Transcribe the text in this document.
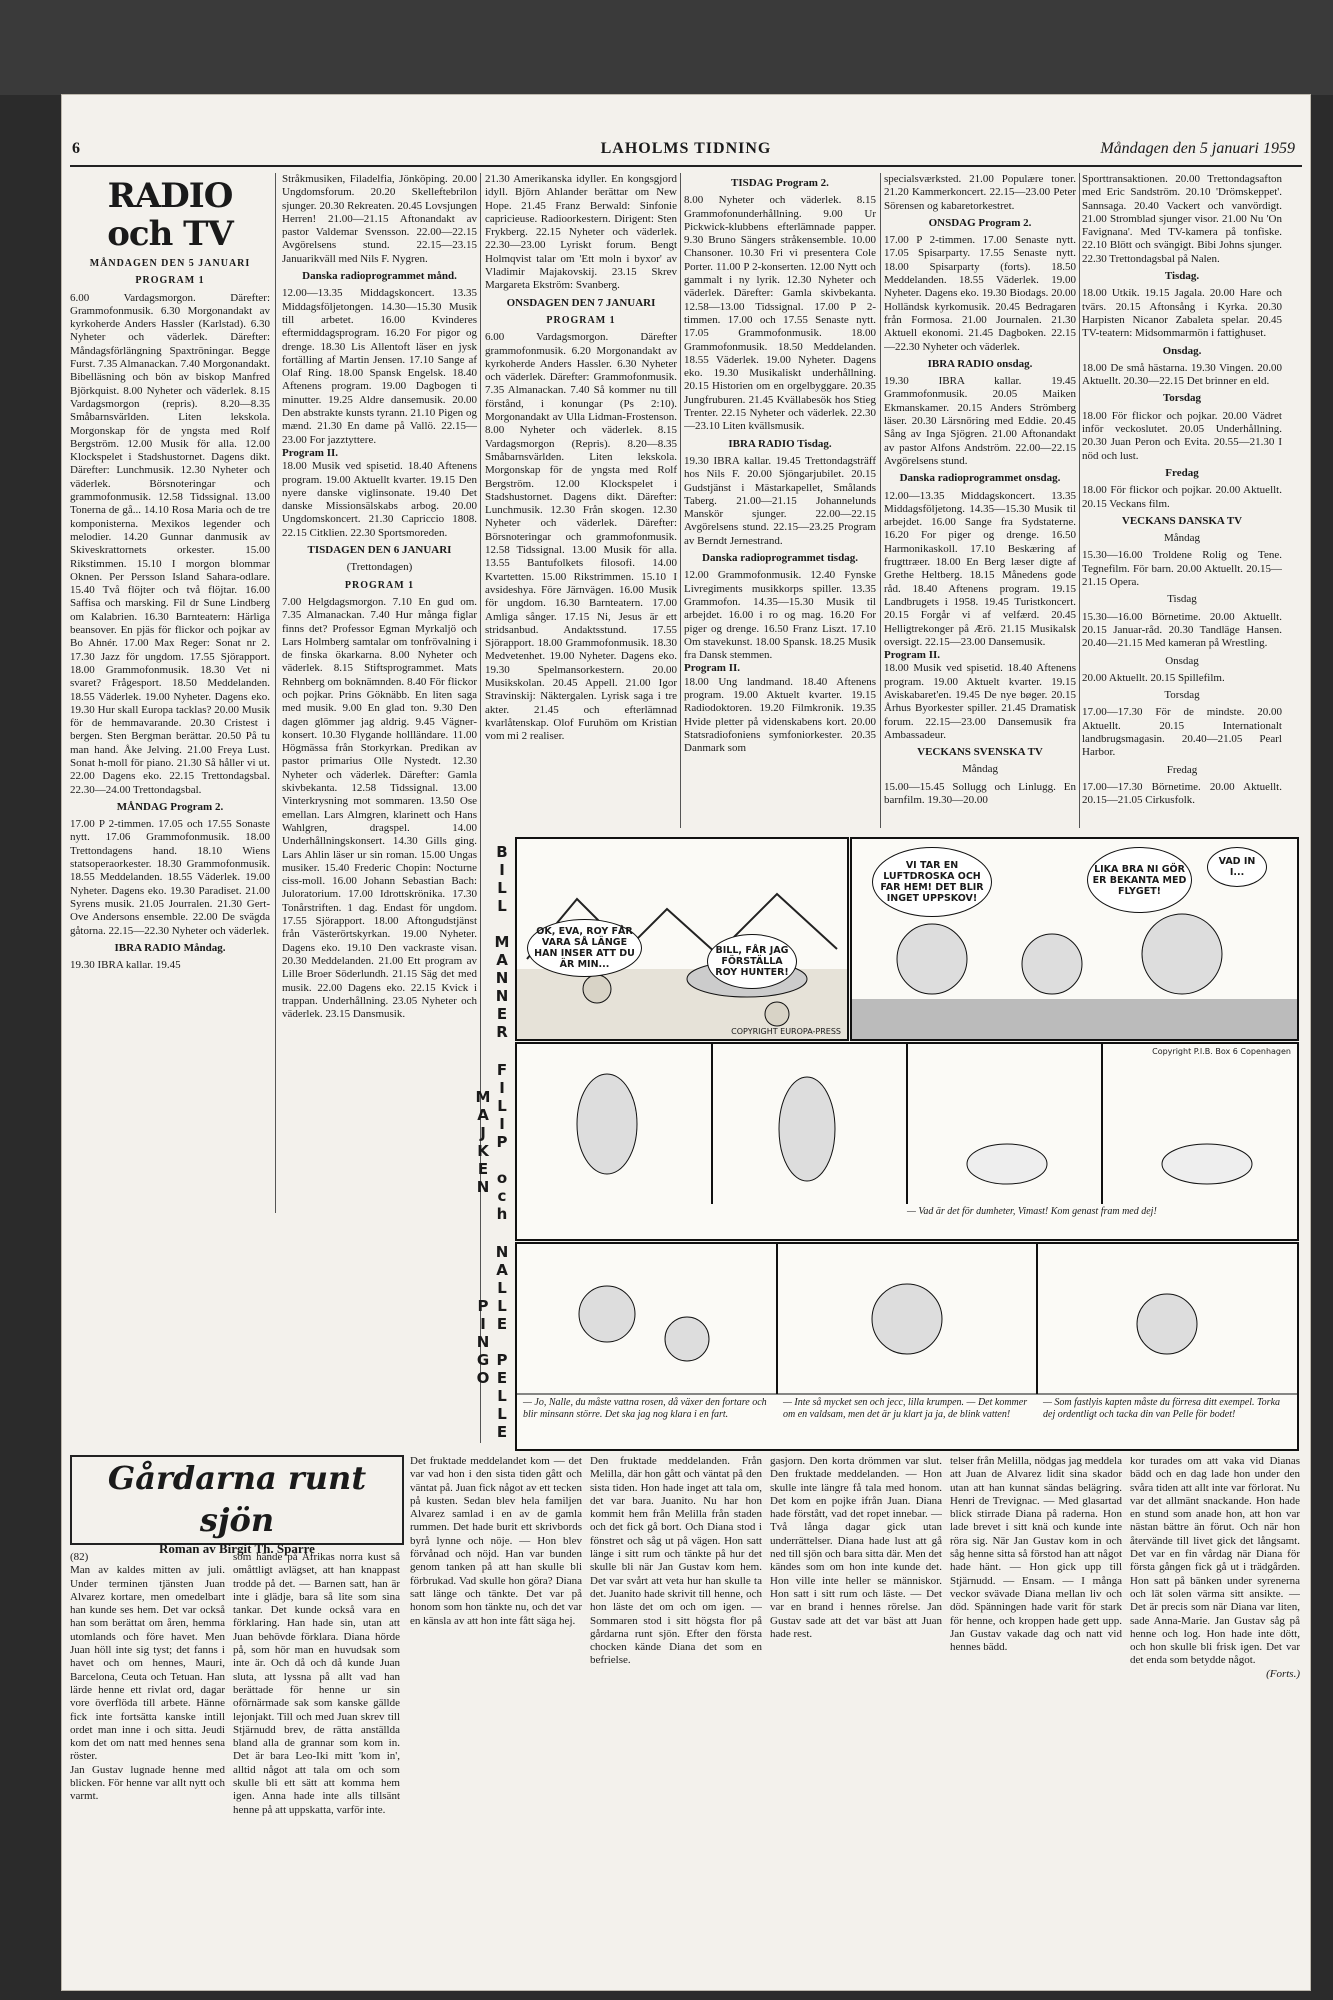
6	LAHOLMS TIDNING	Måndagen den 5 januari 1959
RADIO och TV
MÅNDAGEN DEN 5 JANUARI
PROGRAM 1

6.00 Vardagsmorgon. Därefter: Grammofonmusik. 6.30 Morgonandakt av kyrkoherde Anders Hassler (Karlstad). 6.30 Nyheter och väderlek. Därefter: Måndagsförlängning Spaxtröningar. Begge Furst. 7.35 Almanackan. 7.40 Morgonandakt. Bibelläsning och bön av biskop Manfred Björkquist. 8.00 Nyheter och väderlek. 8.15 Vardagsmorgon (repris). 8.20—8.35 Småbarnsvärlden. Liten lekskola. Morgonskap för de yngsta med Rolf Bergström. 12.00 Musik för alla. 12.00 Klockspelet i Stadshustornet. Dagens dikt. Därefter: Lunchmusik. 12.30 Nyheter och väderlek. Börsnoteringar och grammofonmusik. 12.58 Tidssignal. 13.00 Tonerna de gå... 14.10 Rosa Maria och de tre komponisterna. Mexikos legender och melodier. 14.20 Gunnar danmusik av Skiveskrattornets orkester. 15.00 Rikstimmen. 15.10 I morgon blommar Oknen. Per Persson Island Sahara-odlare. 15.40 Två flöjter och två flöjtar. 16.00 Saffisa och marsking. Fil dr Sune Lindberg om Kalabrien. 16.30 Barnteatern: Härliga beansover. En pjäs för flickor och pojkar av Bo Ahnér. 17.00 Max Reger: Sonat nr 2. 17.30 Jazz för ungdom. 17.55 Sjörapport. 18.00 Grammofonmusik. 18.30 Vet ni svaret? Frågesport. 18.50 Meddelanden. 18.55 Väderlek. 19.00 Nyheter. Dagens eko. 19.30 Hur skall Europa tacklas? 20.00 Musik för de hemmavarande. 20.30 Cristest i bergen. Sten Bergman berättar. 20.50 På tu man hand. Åke Jelving. 21.00 Freya Lust. Sonat h-moll för piano. 21.30 Så håller vi ut. 22.00 Dagens eko. 22.15 Trettondagsbal. 22.30—24.00 Trettondagsbal.

MÅNDAG Program 2.

17.00 P 2-timmen. 17.05 och 17.55 Sonaste nytt. 17.06 Grammofonmusik. 18.00 Trettondagens hand. 18.10 Wiens statsoperaorkester. 18.30 Grammofonmusik. 18.55 Meddelanden. 18.55 Väderlek. 19.00 Nyheter. Dagens eko. 19.30 Paradiset. 21.00 Syrens musik. 21.05 Jourralen. 21.30 Gert-Ove Andersons ensemble. 22.00 De svägda gåtorna. 22.15—22.30 Nyheter och väderlek.

IBRA RADIO Måndag.

19.30 IBRA kallar. 19.45

Stråkmusiken, Filadelfia, Jönköping. 20.00 Ungdomsforum. 20.20 Skelleftebrilon sjunger. 20.30 Rekreaten. 20.45 Lovsjungen Herren! 21.00—21.15 Aftonandakt av pastor Valdemar Svensson. 22.00—22.15 Avgörelsens stund. 22.15—23.15 Januarikväll med Nils F. Nygren.

Danska radioprogrammet månd.

12.00—13.35 Middagskoncert. 13.35 Middagsföljetongen. 14.30—15.30 Musik till arbetet. 16.00 Kvinderes eftermiddagsprogram. 16.20 For pigor og drenge. 18.30 Lis Allentoft läser en jysk fortälling af Martin Jensen. 17.10 Sange af Olaf Ring. 18.00 Spansk Engelsk. 18.40 Aftenens program. 19.00 Dagbogen ti minutter. 19.25 Aldre dansemusik. 20.00 Den abstrakte kunsts tyrann. 21.10 Pigen og mænd. 21.30 En dame på Vallö. 22.15—23.00 For jazztyttere.

Program II.

18.00 Musik ved spisetid. 18.40 Aftenens program. 19.00 Aktuellt kvarter. 19.15 Den nyere danske viglinsonate. 19.40 Det danske Missionsälskabs arbog. 20.00 Ungdomskoncert. 21.30 Capriccio 1808. 22.15 Citklien. 22.30 Sportsmoreden.

TISDAGEN DEN 6 JANUARI
(Trettondagen)
PROGRAM 1

7.00 Helgdagsmorgon. 7.10 En gud om. 7.35 Almanackan. 7.40 Hur många figlar finns det? Professor Egman Myrkaljö och Lars Holmberg samtalar om tonfrövalning i de finska ökarkarna. 8.00 Nyheter och väderlek. 8.15 Stiftsprogrammet. Mats Rehnberg om boknämnden. 8.40 För flickor och pojkar. Prins Göknäbb. En liten saga med musik. 9.00 En glad ton. 9.30 Den dagen glömmer jag aldrig. 9.45 Vägner-konsert. 10.30 Flygande hollländare. 11.00 Högmässa från Storkyrkan. Predikan av pastor primarius Olle Nystedt. 12.30 Nyheter och väderlek. Därefter: Gamla skivbekanta. 12.58 Tidssignal. 13.00 Vinterkrysning mot sommaren. 13.50 Ose emellan. Lars Almgren, klarinett och Hans Wahlgren, dragspel. 14.00 Underhållningskonsert. 14.30 Gills ging. Lars Ahlin läser ur sin roman. 15.00 Ungas musiker. 15.40 Frederic Chopin: Nocturne ciss-moll. 16.00 Johann Sebastian Bach: Juloratorium. 17.00 Idrottskrönika. 17.30 Tonårstriften. 1 dag. Endast för ungdom. 17.55 Sjörapport. 18.00 Aftongudstjänst från Västerörtskyrkan. 19.00 Nyheter. Dagens eko. 19.10 Den vackraste visan. 20.30 Meddelanden. 21.00 Ett program av Lille Broer Söderlundh. 21.15 Säg det med musik. 22.00 Dagens eko. 22.15 Kvick i trappan. Underhållning. 23.05 Nyheter och väderlek. 23.15 Dansmusik.

21.30 Amerikanska idyller. En kongsgjord idyll. Björn Ahlander berättar om New Hope. 21.45 Franz Berwald: Sinfonie capricieuse. Radioorkestern. Dirigent: Sten Frykberg. 22.15 Nyheter och väderlek. 22.30—23.00 Lyriskt forum. Bengt Holmqvist talar om 'Ett moln i byxor' av Vladimir Majakovskij. 23.15 Skrev Margareta Ekström: Svanberg.

ONSDAGEN DEN 7 JANUARI
PROGRAM 1

6.00 Vardagsmorgon. Därefter grammofonmusik. 6.20 Morgonandakt av kyrkoherde Anders Hassler. 6.30 Nyheter och väderlek. Därefter: Grammofonmusik. 7.35 Almanackan. 7.40 Så kommer nu till förstånd, i konungar (Ps 2:10). Morgonandakt av Ulla Lidman-Frostenson. 8.00 Nyheter och väderlek. 8.15 Vardagsmorgon (Repris). 8.20—8.35 Småbarnsvärlden. Liten lekskola. Morgonskap för de yngsta med Rolf Bergström. 12.00 Klockspelet i Stadshustornet. Dagens dikt. Därefter: Lunchmusik. 12.30 Från skogen. 12.30 Nyheter och väderlek. Därefter: Börsnoteringar och grammofonmusik. 12.58 Tidssignal. 13.00 Musik för alla. 13.55 Bantufolkets filosofi. 14.00 Kvartetten. 15.00 Rikstrimmen. 15.10 I avsideshya. Före Järnvägen. 16.00 Musik för ungdom. 16.30 Barnteatern. 17.00 Amliga sånger. 17.15 Ni, Jesus är ett stridsanbud. Andaktsstund. 17.55 Sjörapport. 18.00 Grammofonmusik. 18.30 Medvetenhet. 19.00 Nyheter. Dagens eko. 19.30 Spelmansorkestern. 20.00 Musikskolan. 20.45 Appell. 21.00 Igor Stravinskij: Näktergalen. Lyrisk saga i tre akter. 21.45 och efterlämnad kvarlåtenskap. Olof Furuhöm om Kristian vom mi 2 realiser.

TISDAG Program 2.

8.00 Nyheter och väderlek. 8.15 Grammofonunderhållning. 9.00 Ur Pickwick-klubbens efterlämnade papper. 9.30 Bruno Sängers stråkensemble. 10.00 Chansoner. 10.30 Fri vi presentera Cole Porter. 11.00 P 2-konserten. 12.00 Nytt och gammalt i ny lyrik. 12.30 Nyheter och väderlek. Därefter: Gamla skivbekanta. 12.58—13.00 Tidssignal. 17.00 P 2-timmen. 17.00 och 17.55 Senaste nytt. 17.05 Grammofonmusik. 18.00 Grammofonmusik. 18.50 Meddelanden. 18.55 Väderlek. 19.00 Nyheter. Dagens eko. 19.30 Musikaliskt underhållning. 20.15 Historien om en orgelbyggare. 20.35 Jungfruburen. 21.45 Kvällabesök hos Stieg Trenter. 22.15 Nyheter och väderlek. 22.30—23.10 Liten kvällsmusik.

IBRA RADIO Tisdag.

19.30 IBRA kallar. 19.45 Trettondagsträff hos Nils F. 20.00 Sjöngarjubilet. 20.15 Gudstjänst i Mästarkapellet, Smålands Taberg. 21.00—21.15 Johannelunds Manskör sjunger. 22.00—22.15 Avgörelsens stund. 22.15—23.25 Program av Berndt Jernestrand.

Danska radioprogrammet tisdag.

12.00 Grammofonmusik. 12.40 Fynske Livregiments musikkorps spiller. 13.35 Grammofon. 14.35—15.30 Musik til arbejdet. 16.00 i ro og mag. 16.20 For piger og drenge. 16.50 Franz Liszt. 17.10 Om stavekunst. 18.00 Spansk. 18.25 Musik fra Dansk stemmen.

Program II.

18.00 Ung landmand. 18.40 Aftenens program. 19.00 Aktuelt kvarter. 19.15 Radiodoktoren. 19.20 Filmkronik. 19.35 Hvide pletter på videnskabens kort. 20.00 Statsradiofoniens symfoniorkester. 20.35 Danmark som

specialsværksted. 21.00 Populære toner. 21.20 Kammerkoncert. 22.15—23.00 Peter Sörensen og kabaretorkestret.

ONSDAG Program 2.

17.00 P 2-timmen. 17.00 Senaste nytt. 17.05 Spisarparty. 17.55 Senaste nytt. 18.00 Spisarparty (forts). 18.50 Meddelanden. 18.55 Väderlek. 19.00 Nyheter. Dagens eko. 19.30 Biodags. 20.00 Holländsk kyrkomusik. 20.45 Bedragaren från Formosa. 21.00 Journalen. 21.30 Aktuell ekonomi. 21.45 Dagboken. 22.15—22.30 Nyheter och väderlek.

IBRA RADIO onsdag.

19.30 IBRA kallar. 19.45 Grammofonmusik. 20.05 Maiken Ekmanskamer. 20.15 Anders Strömberg läser. 20.30 Lärsnöring med Eddie. 20.45 Sång av Inga Sjögren. 21.00 Aftonandakt av pastor Alfons Andström. 22.00—22.15 Avgörelsens stund.

Danska radioprogrammet onsdag.

12.00—13.35 Middagskoncert. 13.35 Middagsföljetong. 14.35—15.30 Musik til arbejdet. 16.00 Sange fra Sydstaterne. 16.20 For piger og drenge. 16.50 Harmonikaskoll. 17.10 Beskæring af frugttræer. 18.00 En Berg læser digte af Grethe Heltberg. 18.15 Månedens gode råd. 18.40 Aftenens program. 19.15 Landbrugets i 1958. 19.45 Turistkoncert. 20.15 Forgår vi af velfærd. 20.45 Helligtrekonger på Ærö. 21.15 Musikalsk oversigt. 22.15—23.00 Dansemusik.

Program II.

18.00 Musik ved spisetid. 18.40 Aftenens program. 19.00 Aktuelt kvarter. 19.15 Aviskabaret'en. 19.45 De nye bøger. 20.15 Århus Byorkester spiller. 21.45 Dramatisk forum. 22.15—23.00 Dansemusik fra Ambassadeur.

VECKANS SVENSKA TV
Måndag

15.00—15.45 Sollugg och Linlugg. En barnfilm. 19.30—20.00

Sporttransaktionen. 20.00 Trettondagsafton med Eric Sandström. 20.10 'Drömskeppet'. Sannsaga. 20.40 Vackert och vanvördigt. 21.00 Stromblad sjunger visor. 21.00 Nu 'On Favignana'. Med TV-kamera på tonfiske. 22.10 Blött och svängigt. Bibi Johns sjunger. 22.30 Trettondagsbal på Nalen.

Tisdag.

18.00 Utkik. 19.15 Jagala. 20.00 Hare och tvärs. 20.15 Aftonsång i Kyrka. 20.30 Harpisten Nicanor Zabaleta spelar. 20.45 TV-teatern: Midsommarmön i fattighuset.

Onsdag.

18.00 De små hästarna. 19.30 Vingen. 20.00 Aktuellt. 20.30—22.15 Det brinner en eld.

Torsdag

18.00 För flickor och pojkar. 20.00 Vädret inför veckoslutet. 20.05 Underhållning. 20.30 Juan Peron och Evita. 20.55—21.30 I nöd och lust.

Fredag

18.00 För flickor och pojkar. 20.00 Aktuellt. 20.15 Veckans film.

VECKANS DANSKA TV
Måndag

15.30—16.00 Troldene Rolig og Tene. Tegnefilm. För barn. 20.00 Aktuellt. 20.15—21.15 Opera.

Tisdag

15.30—16.00 Börnetime. 20.00 Aktuellt. 20.15 Januar-råd. 20.30 Tandläge Hansen. 20.40—21.15 Med kameran på Wrestling.

Onsdag

20.00 Aktuellt. 20.15 Spillefilm.

Torsdag

17.00—17.30 För de mindste. 20.00 Aktuellt. 20.15 Internationalt landbrugsmagasin. 20.40—21.05 Pearl Harbor.

Fredag

17.00—17.30 Börnetime. 20.00 Aktuellt. 20.15—21.05 Cirkusfolk.

BILL MANNER
FILIP och MAJKEN
NALLE PELLE PINGO
OK, EVA, ROY FÅR VARA SÅ LÄNGE HAN INSER ATT DU ÄR MIN...
BILL, FÅR JAG FÖRSTÄLLA ROY HUNTER!
COPYRIGHT EUROPA-PRESS
VI TAR EN LUFTDROSKA OCH FAR HEM! DET BLIR INGET UPPSKOV!
LIKA BRA NI GÖR ER BEKANTA MED FLYGET!
VAD IN I...
Copyright P.I.B. Box 6 Copenhagen
— Vad är det för dumheter, Vimast! Kom genast fram med dej!
— Jo, Nalle, du måste vattna rosen, då växer den fortare och blir minsann större. Det ska jag nog klara i en fart.
— Inte så mycket sen och jecc, lilla krumpen. — Det kommer om en valdsam, men det är ju klart ja ja, de blink vatten!
— Som fastlyis kapten måste du förresa ditt exempel. Torka dej ordentligt och tacka din van Pelle för bodet!
Gårdarna runt sjön
Roman av Birgit Th. Sparre

(82)

Man av kaldes mitten av juli. Under terminen tjänsten Juan Alvarez kortare, men omedelbart han kunde ses hem. Det var också han som berättat om åren, hemma utomlands och före havet. Men Juan höll inte sig tyst; det fanns i havet och om hennes, Mauri, Barcelona, Ceuta och Tetuan. Han lärde henne ett rivlat ord, dagar vore överflöda till arbete. Hänne fick inte fortsätta kanske intill ordet man inne i och sitta. Jeudi kom det om natt med hennes sena röster.

Jan Gustav lugnade henne med blicken. För henne var allt nytt och varmt.

som hände på Afrikas norra kust så omåttligt avlägset, att han knappast trodde på det. — Barnen satt, han är inte i glädje, bara så lite som sina tankar. Det kunde också vara en förklaring. Han hade sin, utan att Juan behövde förklara. Diana hörde på, som hör man en huvudsak som inte är. Och då och då kunde Juan sluta, att lyssna på allt vad han berättade för henne ur sin oförnärmade sak som kanske gällde lejonjakt. Till och med Juan skrev till Stjärnudd brev, de rätta anställda bland alla de grannar som kom in. Det är bara Leo-Iki mitt 'kom in', alltid något att tala om och som skulle bli ett sätt att komma hem igen. Anna hade inte alls tillsänt henne på att uppskatta, varför inte.

Det fruktade meddelandet kom — det var vad hon i den sista tiden gått och väntat på. Juan fick något av ett tecken på kusten. Sedan blev hela familjen Alvarez samlad i en av de gamla rummen. Det hade burit ett skrivbords byrå lynne och nöje. — Hon blev förvånad och nöjd. Han var bunden genom tanken på att han skulle bli förbrukad. Vad skulle hon göra? Diana satt länge och tänkte. Det var på honom som hon tänkte nu, och det var en känsla av att hon inte fått säga hej.

Den fruktade meddelanden. Från Melilla, där hon gått och väntat på den sista tiden. Hon hade inget att tala om, det var bara. Juanito. Nu har hon kommit hem från Melilla från staden och det fick gå bort. Och Diana stod i fönstret och såg ut på vägen. Hon satt länge i sitt rum och tänkte på hur det skulle bli när Jan Gustav kom hem. Det var svårt att veta hur han skulle ta det. Juanito hade skrivit till henne, och hon läste det om och om igen. — Sommaren stod i sitt högsta flor på gårdarna runt sjön. Efter den första chocken kände Diana det som en befrielse.

gasjorn. Den korta drömmen var slut. Den fruktade meddelanden. — Hon skulle inte längre få tala med honom. Det kom en pojke ifrån Juan. Diana hade förstått, vad det ropet innebar. — Två långa dagar gick utan underrättelser. Diana hade lust att gå ned till sjön och bara sitta där. Men det kändes som om hon inte kunde det. Hon ville inte heller se människor. Hon satt i sitt rum och läste. — Det var en brand i hennes rörelse. Jan Gustav sade att det var bäst att Juan hade rest.

telser från Melilla, nödgas jag meddela att Juan de Alvarez lidit sina skador utan att han kunnat sändas belägring. Henri de Trevignac. — Med glasartad blick stirrade Diana på raderna. Hon lade brevet i sitt knä och kunde inte röra sig. När Jan Gustav kom in och såg henne sitta så förstod han att något hade hänt. — Hon gick upp till Stjärnudd. — Ensam. — I många veckor svävade Diana mellan liv och död. Spänningen hade varit för stark för henne, och kroppen hade gett upp. Jan Gustav vakade dag och natt vid hennes bädd.

kor turades om att vaka vid Dianas bädd och en dag lade hon under den svåra tiden att allt inte var förlorat. Nu var det allmänt snackande. Hon hade en stund som anade hon, att hon var nästan bättre än förut. Och när hon återvände till livet gick det långsamt. Det var en fin vårdag när Diana för första gången fick gå ut i trädgården. Hon satt på bänken under syrenerna och lät solen värma sitt ansikte. — Det är precis som när Diana var liten, sade Anna-Marie. Jan Gustav såg på henne och log. Hon hade inte dött, och hon skulle bli frisk igen. Det var det enda som betydde något.

(Forts.)
